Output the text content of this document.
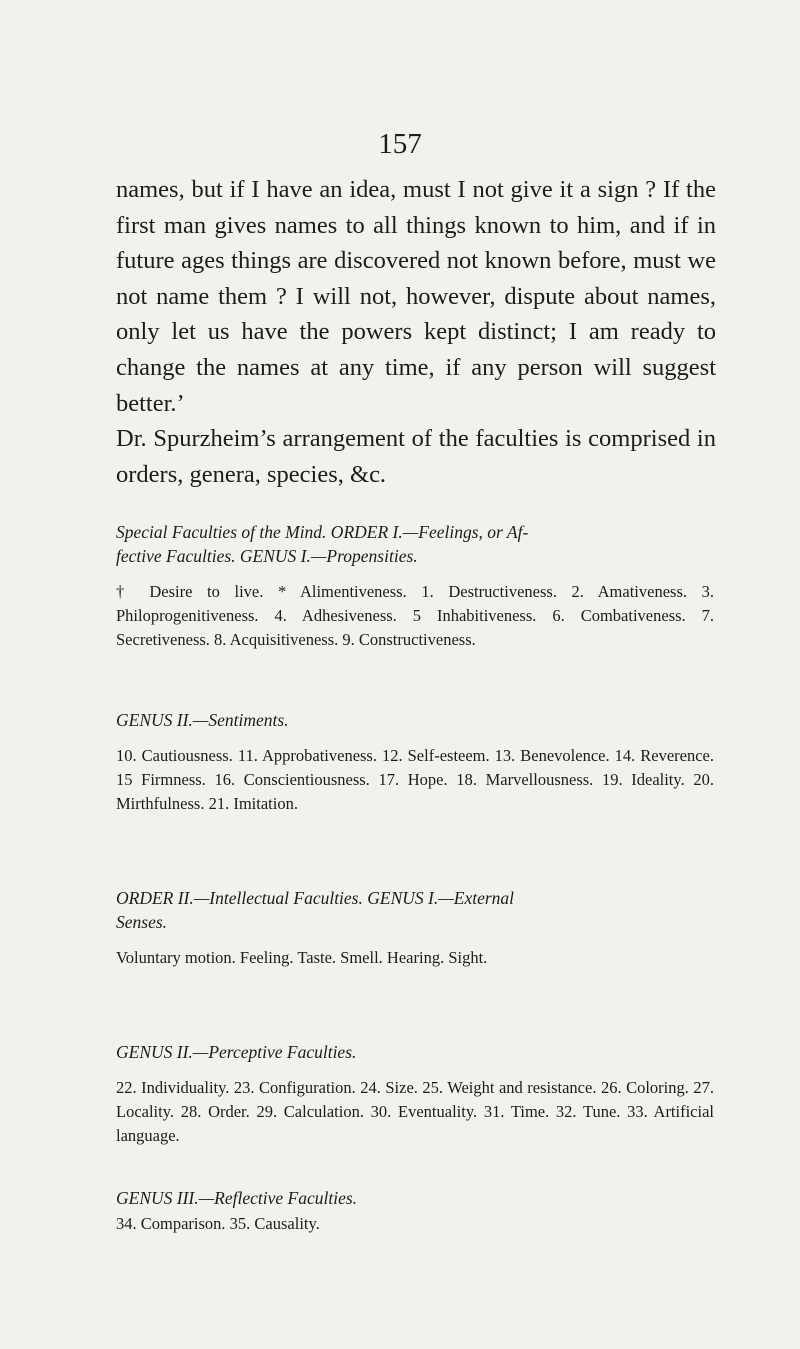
157

names, but if I have an idea, must I not give it a sign ? If the first man gives names to all things known to him, and if in future ages things are discovered not known before, must we not name them ? I will not, however, dispute about names, only let us have the powers kept distinct; I am ready to change the names at any time, if any person will suggest better.’

Dr. Spurzheim’s arrangement of the faculties is comprised in orders, genera, species, &c.

Special Faculties of the Mind. ORDER I.—Feelings, or Af-

fective Faculties. GENUS I.—Propensities.

† Desire to live. * Alimentiveness. 1. Destructiveness. 2. Amativeness. 3. Philoprogenitiveness. 4. Adhesiveness. 5 Inhabitiveness. 6. Combativeness. 7. Secretiveness. 8. Acquisitiveness. 9. Constructiveness.

GENUS II.—Sentiments.

10. Cautiousness. 11. Approbativeness. 12. Self-esteem. 13. Benevolence. 14. Reverence. 15 Firmness. 16. Conscientiousness. 17. Hope. 18. Marvellousness. 19. Ideality. 20. Mirthfulness. 21. Imitation.

ORDER II.—Intellectual Faculties. GENUS I.—External

Senses.

Voluntary motion. Feeling. Taste. Smell. Hearing. Sight.

GENUS II.—Perceptive Faculties.

22. Individuality. 23. Configuration. 24. Size. 25. Weight and resistance. 26. Coloring. 27. Locality. 28. Order. 29. Calculation. 30. Eventuality. 31. Time. 32. Tune. 33. Artificial language.

GENUS III.—Reflective Faculties.

34. Comparison. 35. Causality.
